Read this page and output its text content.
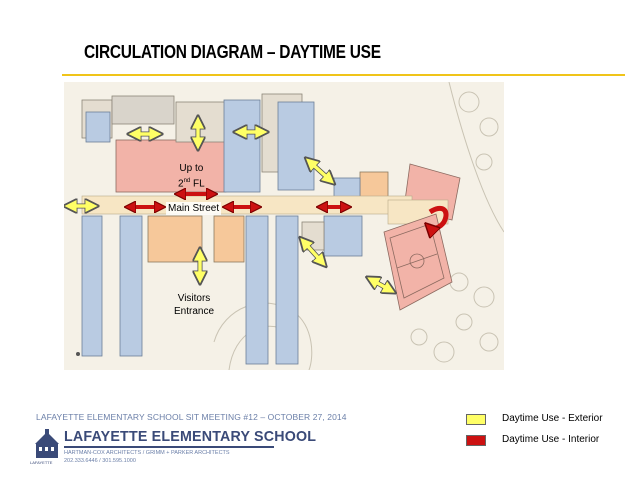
CIRCULATION DIAGRAM – DAYTIME USE
Up to
2nd FL
Main Street
Visitors
Entrance
LAFAYETTE ELEMENTARY SCHOOL SIT MEETING #12 – OCTOBER 27, 2014
LAFAYETTE
LAFAYETTE ELEMENTARY SCHOOL
HARTMAN-COX ARCHITECTS / GRIMM + PARKER ARCHITECTS
202.333.6446 / 301.595.1000
Daytime Use - Exterior
Daytime Use - Interior
